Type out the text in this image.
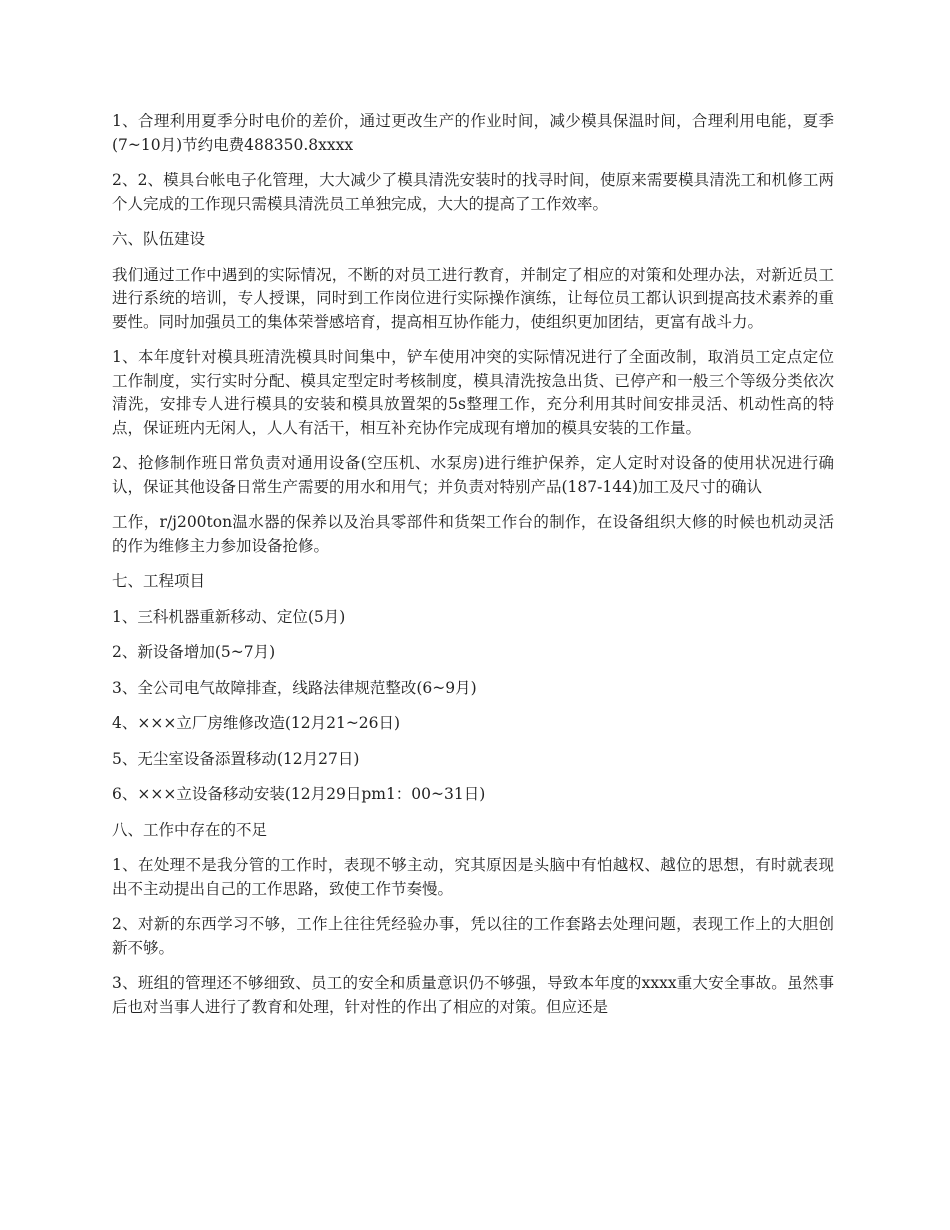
1、合理利用夏季分时电价的差价，通过更改生产的作业时间，减少模具保温时间，合理利用电能，夏季(7~10月)节约电费488350.8xxxx

2、2、模具台帐电子化管理，大大减少了模具清洗安装时的找寻时间，使原来需要模具清洗工和机修工两个人完成的工作现只需模具清洗员工单独完成，大大的提高了工作效率。

六、队伍建设

我们通过工作中遇到的实际情况，不断的对员工进行教育，并制定了相应的对策和处理办法，对新近员工进行系统的培训，专人授课，同时到工作岗位进行实际操作演练，让每位员工都认识到提高技术素养的重要性。同时加强员工的集体荣誉感培育，提高相互协作能力，使组织更加团结，更富有战斗力。

1、本年度针对模具班清洗模具时间集中，铲车使用冲突的实际情况进行了全面改制，取消员工定点定位工作制度，实行实时分配、模具定型定时考核制度，模具清洗按急出货、已停产和一般三个等级分类依次清洗，安排专人进行模具的安装和模具放置架的5s整理工作，充分利用其时间安排灵活、机动性高的特点，保证班内无闲人，人人有活干，相互补充协作完成现有增加的模具安装的工作量。

2、抢修制作班日常负责对通用设备(空压机、水泵房)进行维护保养，定人定时对设备的使用状况进行确认，保证其他设备日常生产需要的用水和用气；并负责对特别产品(187-144)加工及尺寸的确认

工作，r/j200ton温水器的保养以及治具零部件和货架工作台的制作，在设备组织大修的时候也机动灵活的作为维修主力参加设备抢修。

七、工程项目

1、三科机器重新移动、定位(5月)

2、新设备增加(5~7月)

3、全公司电气故障排查，线路法律规范整改(6~9月)

4、×××立厂房维修改造(12月21~26日)

5、无尘室设备添置移动(12月27日)

6、×××立设备移动安装(12月29日pm1：00~31日)

八、工作中存在的不足

1、在处理不是我分管的工作时，表现不够主动，究其原因是头脑中有怕越权、越位的思想，有时就表现出不主动提出自己的工作思路，致使工作节奏慢。

2、对新的东西学习不够，工作上往往凭经验办事，凭以往的工作套路去处理问题，表现工作上的大胆创新不够。

3、班组的管理还不够细致、员工的安全和质量意识仍不够强，导致本年度的xxxx重大安全事故。虽然事后也对当事人进行了教育和处理，针对性的作出了相应的对策。但应还是
